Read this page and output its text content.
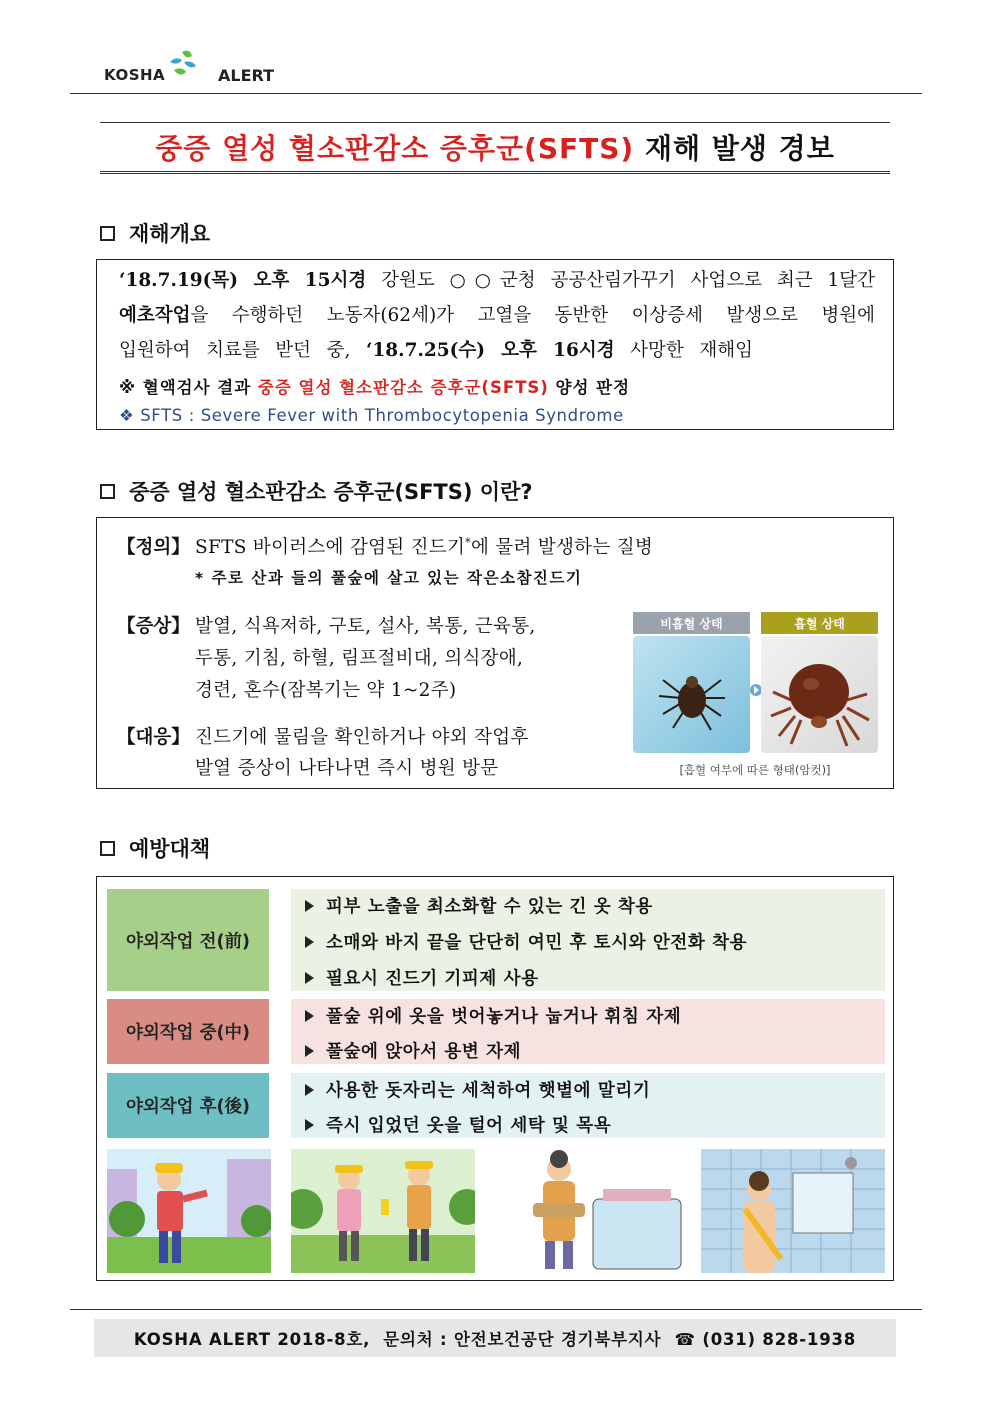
KOSHA	ALERT
중증 열성 혈소판감소 증후군(SFTS) 재해 발생 경보
재해개요
‘18.7.19(목) 오후 15시경 강원도 ○○군청 공공산림가꾸기 사업으로 최근 1달간
예초작업을 수행하던 노동자(62세)가 고열을 동반한 이상증세 발생으로 병원에
입원하여 치료를 받던 중, ‘18.7.25(수) 오후 16시경 사망한 재해임
※ 혈액검사 결과 중증 열성 혈소판감소 증후군(SFTS) 양성 판정
❖ SFTS : Severe Fever with Thrombocytopenia Syndrome
중증 열성 혈소판감소 증후군(SFTS) 이란?
【정의】 SFTS 바이러스에 감염된 진드기*에 물려 발생하는 질병
* 주로 산과 들의 풀숲에 살고 있는 작은소참진드기
【증상】 발열, 식욕저하, 구토, 설사, 복통, 근육통,
두통, 기침, 하혈, 림프절비대, 의식장애,
경련, 혼수(잠복기는 약 1~2주)
【대응】 진드기에 물림을 확인하거나 야외 작업후
발열 증상이 나타나면 즉시 병원 방문
비흡혈 상태	흡혈 상태
[흡혈 여부에 따른 형태(암컷)]
예방대책
야외작업 전(前)
피부 노출을 최소화할 수 있는 긴 옷 착용
소매와 바지 끝을 단단히 여민 후 토시와 안전화 착용
필요시 진드기 기피제 사용
야외작업 중(中)
풀숲 위에 옷을 벗어놓거나 눕거나 휘침 자제
풀숲에 앉아서 용변 자제
야외작업 후(後)
사용한 돗자리는 세척하여 햇볕에 말리기
즉시 입었던 옷을 털어 세탁 및 목욕
KOSHA ALERT 2018-8호,  문의처 : 안전보건공단 경기북부지사  ☎ (031) 828-1938
